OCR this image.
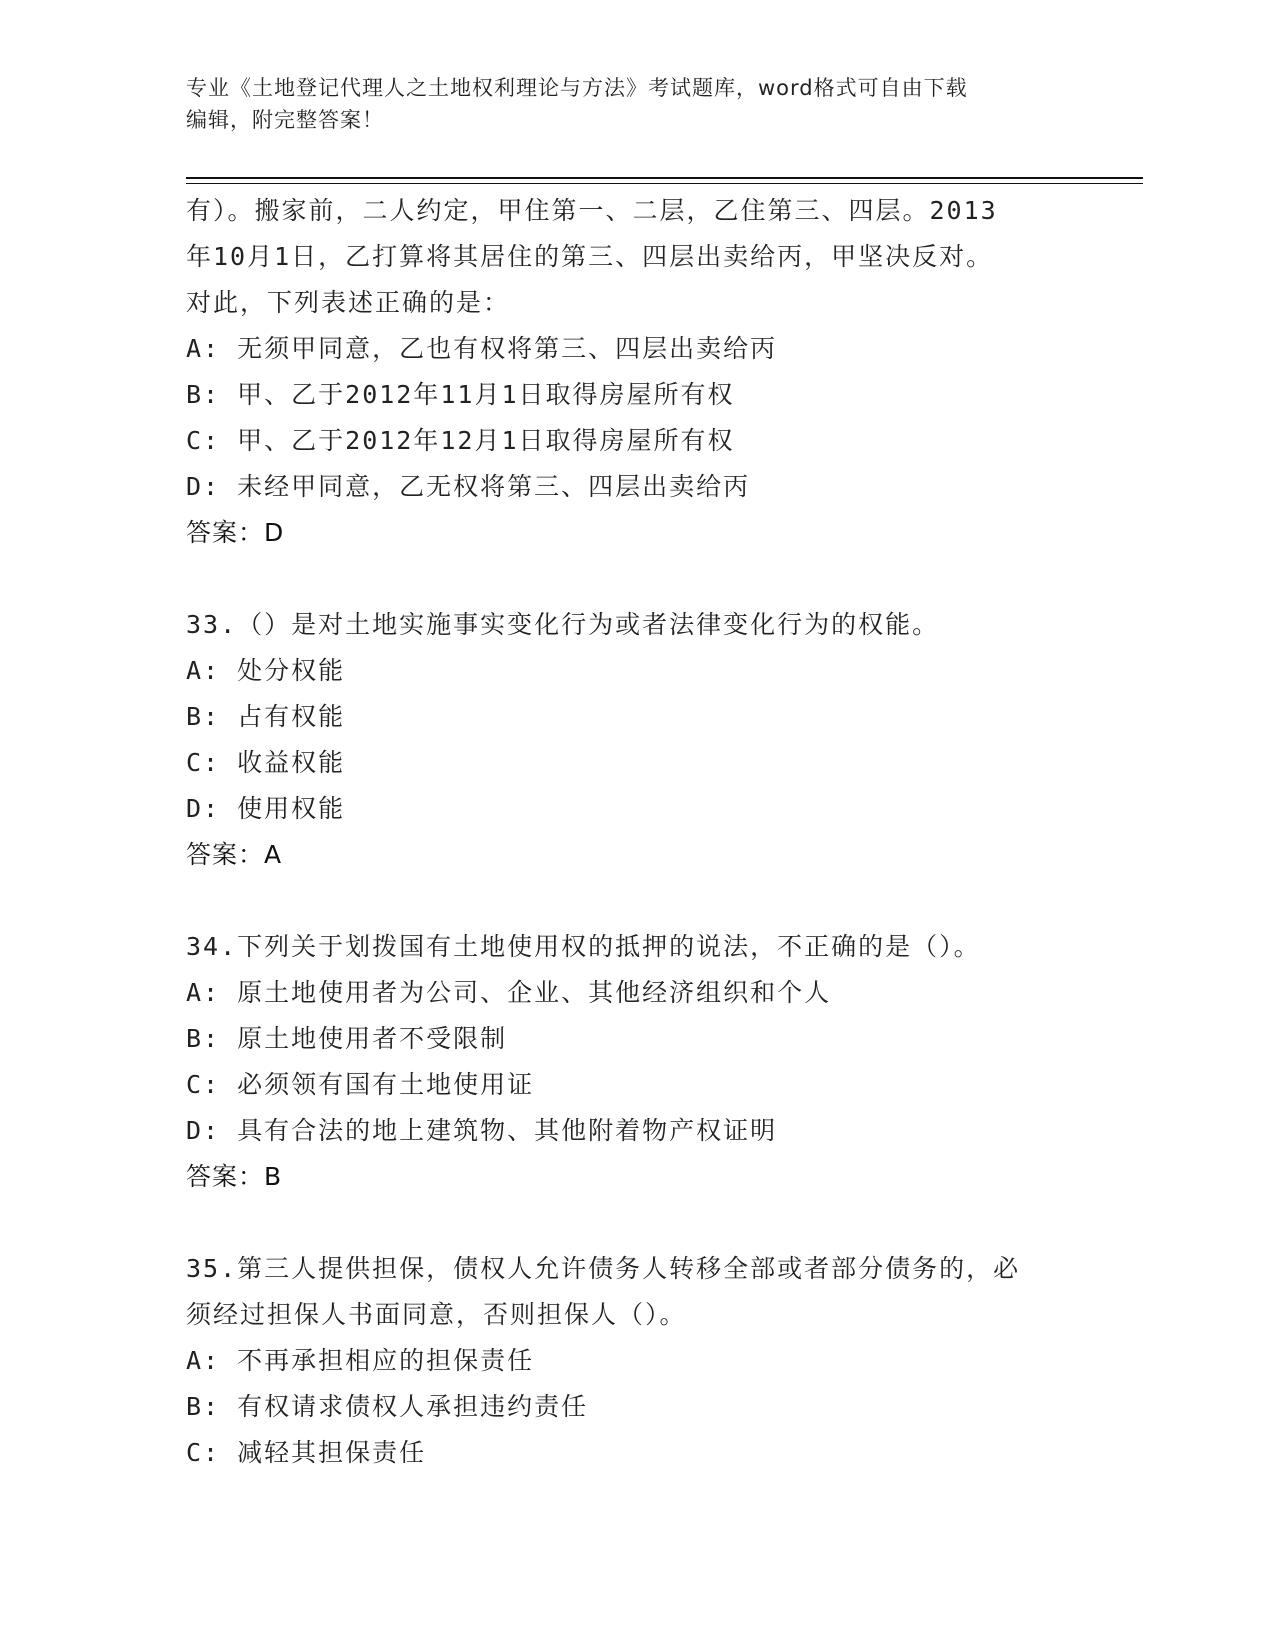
专业《土地登记代理人之土地权利理论与方法》考试题库，word格式可自由下载
编辑，附完整答案！
有）。搬家前，二人约定，甲住第一、二层，乙住第三、四层。2013
年10月1日，乙打算将其居住的第三、四层出卖给丙，甲坚决反对。
对此，下列表述正确的是：
A: 无须甲同意，乙也有权将第三、四层出卖给丙
B: 甲、乙于2012年11月1日取得房屋所有权
C: 甲、乙于2012年12月1日取得房屋所有权
D: 未经甲同意，乙无权将第三、四层出卖给丙
答案：D
33.（）是对土地实施事实变化行为或者法律变化行为的权能。
A: 处分权能
B: 占有权能
C: 收益权能
D: 使用权能
答案：A
34.下列关于划拨国有土地使用权的抵押的说法，不正确的是（）。
A: 原土地使用者为公司、企业、其他经济组织和个人
B: 原土地使用者不受限制
C: 必须领有国有土地使用证
D: 具有合法的地上建筑物、其他附着物产权证明
答案：B
35.第三人提供担保，债权人允许债务人转移全部或者部分债务的，必
须经过担保人书面同意，否则担保人（）。
A: 不再承担相应的担保责任
B: 有权请求债权人承担违约责任
C: 减轻其担保责任
